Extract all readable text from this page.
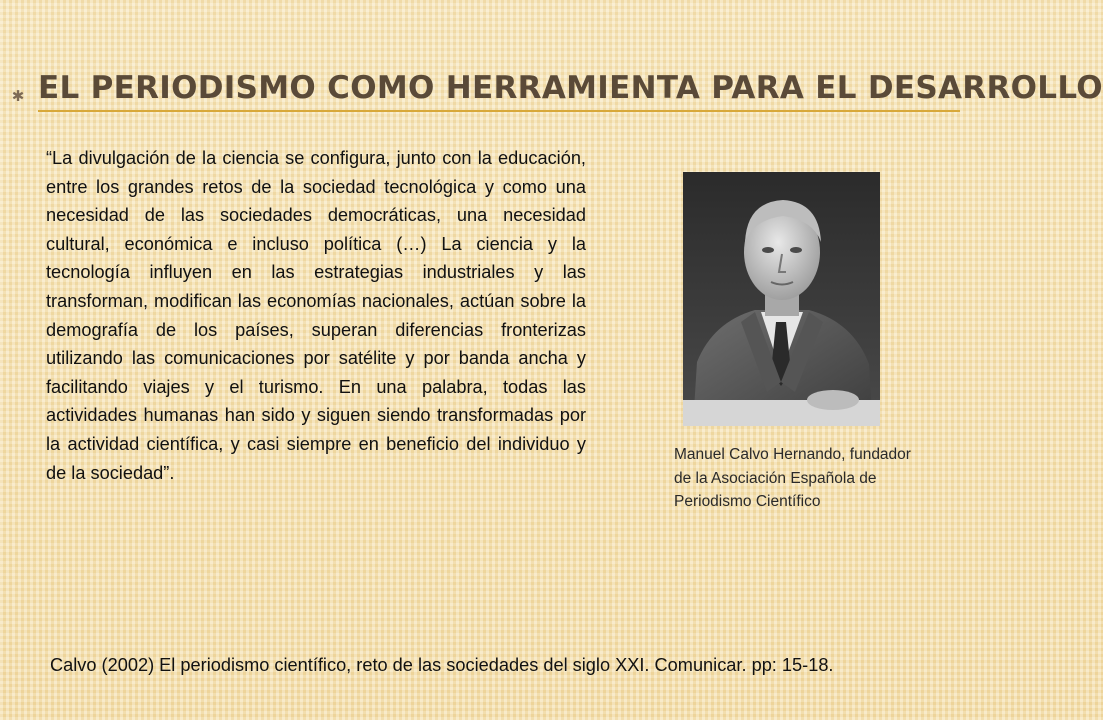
✱ EL PERIODISMO COMO HERRAMIENTA PARA EL DESARROLLO

“La divulgación de la ciencia se configura, junto con la educación, entre los grandes retos de la sociedad tecnológica y como una necesidad de las sociedades democráticas, una necesidad cultural, económica e incluso política (…) La ciencia y la tecnología influyen en las estrategias industriales y las transforman, modifican las economías nacionales, actúan sobre la demografía de los países, superan diferencias fronterizas utilizando las comunicaciones por satélite y por banda ancha y facilitando viajes y el turismo. En una palabra, todas las actividades humanas han sido y siguen siendo transformadas por la actividad científica, y casi siempre en beneficio del individuo y de la sociedad”.

Manuel Calvo Hernando, fundador de la Asociación Española de Periodismo Científico

Calvo (2002) El periodismo científico, reto de las sociedades del siglo XXI. Comunicar. pp: 15-18.
